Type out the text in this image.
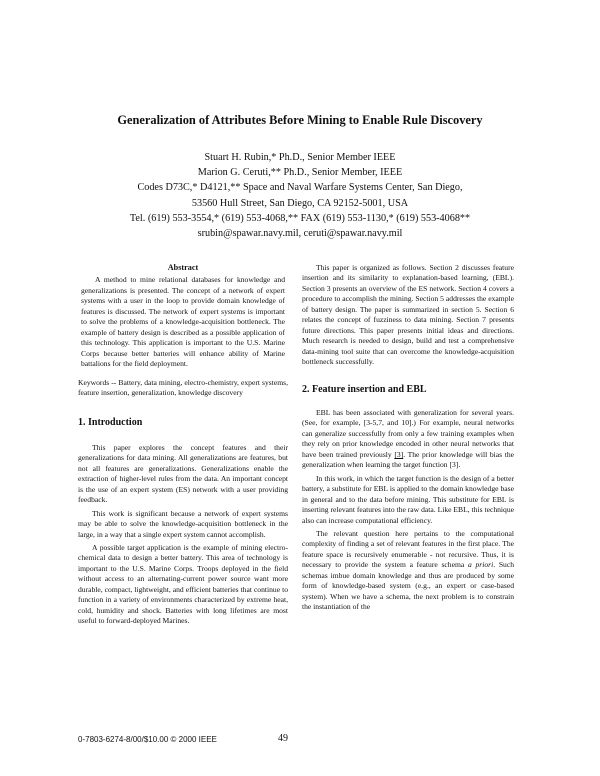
Generalization of Attributes Before Mining to Enable Rule Discovery
Stuart H. Rubin,* Ph.D., Senior Member IEEE
Marion G. Ceruti,** Ph.D., Senior Member, IEEE
Codes D73C,* D4121,** Space and Naval Warfare Systems Center, San Diego,
53560 Hull Street, San Diego, CA 92152-5001, USA
Tel. (619) 553-3554,* (619) 553-4068,** FAX (619) 553-1130,* (619) 553-4068**
srubin@spawar.navy.mil, ceruti@spawar.navy.mil
Abstract

A method to mine relational databases for knowledge and generalizations is presented. The concept of a network of expert systems with a user in the loop to provide domain knowledge of features is discussed. The network of expert systems is important to solve the problems of a knowledge-acquisition bottleneck. The example of battery design is described as a possible application of this technology. This application is important to the U.S. Marine Corps because better batteries will enhance ability of Marine battalions for the field deployment.

Keywords -- Battery, data mining, electro-chemistry, expert systems, feature insertion, generalization, knowledge discovery

1. Introduction

This paper explores the concept features and their generalizations for data mining. All generalizations are features, but not all features are generalizations. Generalizations enable the extraction of higher-level rules from the data. An important concept is the use of an expert system (ES) network with a user providing feedback.

This work is significant because a network of expert systems may be able to solve the knowledge-acquisition bottleneck in the large, in a way that a single expert system cannot accomplish.

A possible target application is the example of mining electro-chemical data to design a better battery. This area of technology is important to the U.S. Marine Corps. Troops deployed in the field without access to an alternating-current power source want more durable, compact, lightweight, and efficient batteries that continue to function in a variety of environments characterized by extreme heat, cold, humidity and shock. Batteries with long lifetimes are most useful to forward-deployed Marines.

This paper is organized as follows. Section 2 discusses feature insertion and its similarity to explanation-based learning, (EBL). Section 3 presents an overview of the ES network. Section 4 covers a procedure to accomplish the mining. Section 5 addresses the example of battery design. The paper is summarized in section 5. Section 6 relates the concept of fuzziness to data mining. Section 7 presents future directions. This paper presents initial ideas and directions. Much research is needed to design, build and test a comprehensive data-mining tool suite that can overcome the knowledge-acquisition bottleneck successfully.

2. Feature insertion and EBL

EBL has been associated with generalization for several years. (See, for example, [3-5,7, and 10].) For example, neural networks can generalize successfully from only a few training examples when they rely on prior knowledge encoded in other neural networks that have been trained previously [3]. The prior knowledge will bias the generalization when learning the target function [3].

In this work, in which the target function is the design of a better battery, a substitute for EBL is applied to the domain knowledge base in general and to the data before mining. This substitute for EBL is inserting relevant features into the raw data. Like EBL, this technique also can increase computational efficiency.

The relevant question here pertains to the computational complexity of finding a set of relevant features in the first place. The feature space is recursively enumerable - not recursive. Thus, it is necessary to provide the system a feature schema a priori. Such schemas imbue domain knowledge and thus are produced by some form of knowledge-based system (e.g., an expert or case-based system). When we have a schema, the next problem is to constrain the instantiation of the

0-7803-6274-8/00/$10.00 © 2000 IEEE	49
